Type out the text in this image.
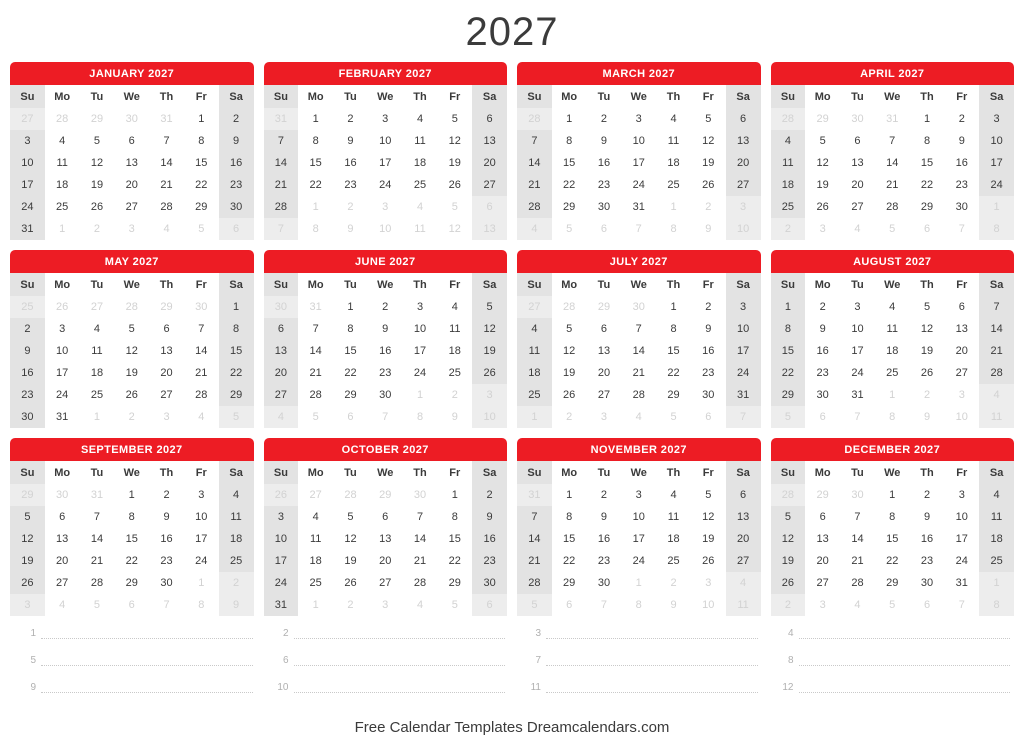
2027
JANUARY 2027
Su	Mo	Tu	We	Th	Fr	Sa
27	28	29	30	31	1	2
3	4	5	6	7	8	9
10	11	12	13	14	15	16
17	18	19	20	21	22	23
24	25	26	27	28	29	30
31	1	2	3	4	5	6
FEBRUARY 2027
Su	Mo	Tu	We	Th	Fr	Sa
31	1	2	3	4	5	6
7	8	9	10	11	12	13
14	15	16	17	18	19	20
21	22	23	24	25	26	27
28	1	2	3	4	5	6
7	8	9	10	11	12	13
MARCH 2027
Su	Mo	Tu	We	Th	Fr	Sa
28	1	2	3	4	5	6
7	8	9	10	11	12	13
14	15	16	17	18	19	20
21	22	23	24	25	26	27
28	29	30	31	1	2	3
4	5	6	7	8	9	10
APRIL 2027
Su	Mo	Tu	We	Th	Fr	Sa
28	29	30	31	1	2	3
4	5	6	7	8	9	10
11	12	13	14	15	16	17
18	19	20	21	22	23	24
25	26	27	28	29	30	1
2	3	4	5	6	7	8
MAY 2027
Su	Mo	Tu	We	Th	Fr	Sa
25	26	27	28	29	30	1
2	3	4	5	6	7	8
9	10	11	12	13	14	15
16	17	18	19	20	21	22
23	24	25	26	27	28	29
30	31	1	2	3	4	5
JUNE 2027
Su	Mo	Tu	We	Th	Fr	Sa
30	31	1	2	3	4	5
6	7	8	9	10	11	12
13	14	15	16	17	18	19
20	21	22	23	24	25	26
27	28	29	30	1	2	3
4	5	6	7	8	9	10
JULY 2027
Su	Mo	Tu	We	Th	Fr	Sa
27	28	29	30	1	2	3
4	5	6	7	8	9	10
11	12	13	14	15	16	17
18	19	20	21	22	23	24
25	26	27	28	29	30	31
1	2	3	4	5	6	7
AUGUST 2027
Su	Mo	Tu	We	Th	Fr	Sa
1	2	3	4	5	6	7
8	9	10	11	12	13	14
15	16	17	18	19	20	21
22	23	24	25	26	27	28
29	30	31	1	2	3	4
5	6	7	8	9	10	11
SEPTEMBER 2027
Su	Mo	Tu	We	Th	Fr	Sa
29	30	31	1	2	3	4
5	6	7	8	9	10	11
12	13	14	15	16	17	18
19	20	21	22	23	24	25
26	27	28	29	30	1	2
3	4	5	6	7	8	9
OCTOBER 2027
Su	Mo	Tu	We	Th	Fr	Sa
26	27	28	29	30	1	2
3	4	5	6	7	8	9
10	11	12	13	14	15	16
17	18	19	20	21	22	23
24	25	26	27	28	29	30
31	1	2	3	4	5	6
NOVEMBER 2027
Su	Mo	Tu	We	Th	Fr	Sa
31	1	2	3	4	5	6
7	8	9	10	11	12	13
14	15	16	17	18	19	20
21	22	23	24	25	26	27
28	29	30	1	2	3	4
5	6	7	8	9	10	11
DECEMBER 2027
Su	Mo	Tu	We	Th	Fr	Sa
28	29	30	1	2	3	4
5	6	7	8	9	10	11
12	13	14	15	16	17	18
19	20	21	22	23	24	25
26	27	28	29	30	31	1
2	3	4	5	6	7	8
1	2	3	4
5	6	7	8
9	10	11	12
Free Calendar Templates Dreamcalendars.com
